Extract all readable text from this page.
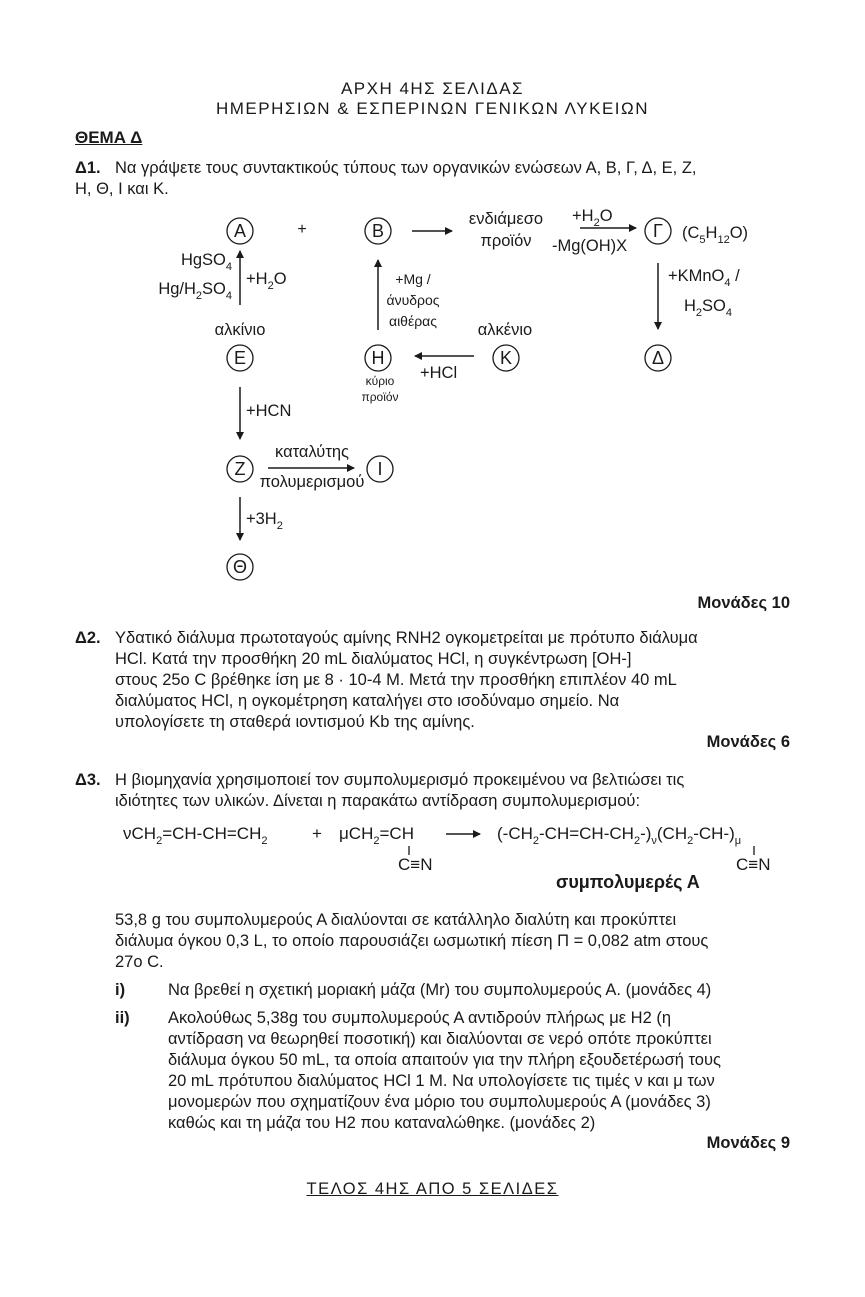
ΑΡΧΗ 4ΗΣ ΣΕΛΙΔΑΣ
ΗΜΕΡΗΣΙΩΝ & ΕΣΠΕΡΙΝΩΝ ΓΕΝΙΚΩΝ ΛΥΚΕΙΩΝ
ΘΕΜΑ Δ
Δ1. Να γράψετε τους συντακτικούς τύπους των οργανικών ενώσεων Α, Β, Γ, Δ, Ε, Ζ,
Η, Θ, Ι και Κ.
Α	+	Β	Γ
Ε	Η	Κ	Δ
Ζ	Ι
Θ
ενδιάμεσο
προϊόν
$+H_2O$
-Mg(OH)X
$(C_5H_{12}O)$
+KMnO$_4$ /
$H_2SO_4$
HgSO$_4$
$Hg/H_2SO_4$
$+H_2O$
αλκίνιο	αλκένιο
+HCl
+HCN
καταλύτης
πολυμερισμού
$+3H_2$
+Mg /
άνυδρος
αιθέρας
κύριο
προϊόν
Μονάδες 10
Δ2. Υδατικό διάλυμα πρωτοταγούς αμίνης RNH2 ογκομετρείται με πρότυπο διάλυμα
HCl. Κατά την προσθήκη 20 mL διαλύματος HCl, η συγκέντρωση [OH-]
στους 25o C βρέθηκε ίση με 8 · 10-4 M. Μετά την προσθήκη επιπλέον 40 mL
διαλύματος HCl, η ογκομέτρηση καταλήγει στο ισοδύναμο σημείο. Να
υπολογίσετε τη σταθερά ιοντισμού Kb της αμίνης.
Μονάδες 6
Δ3. Η βιομηχανία χρησιμοποιεί τον συμπολυμερισμό προκειμένου να βελτιώσει τις
ιδιότητες των υλικών. Δίνεται η παρακάτω αντίδραση συμπολυμερισμού:
$\nu CH_2=CH-CH=CH_2$	+ μCH$_2$=CH
C≡N
$(-CH_2-CH=CH-CH_2-)_\nu(CH_2-CH-)_\mu$
C≡N
συμπολυμερές Α
53,8 g του συμπολυμερούς Α διαλύονται σε κατάλληλο διαλύτη και προκύπτει
διάλυμα όγκου 0,3 L, το οποίο παρουσιάζει ωσμωτική πίεση Π = 0,082 atm στους
27o C.
i)	Να βρεθεί η σχετική μοριακή μάζα (Mr) του συμπολυμερούς Α. (μονάδες 4)
ii) Ακολούθως 5,38g του συμπολυμερούς Α αντιδρούν πλήρως με H2 (η
αντίδραση να θεωρηθεί ποσοτική) και διαλύονται σε νερό οπότε προκύπτει
διάλυμα όγκου 50 mL, τα οποία απαιτούν για την πλήρη εξουδετέρωσή τους
20 mL πρότυπου διαλύματος HCl 1 M. Να υπολογίσετε τις τιμές ν και μ των
μονομερών που σχηματίζουν ένα μόριο του συμπολυμερούς Α (μονάδες 3)
καθώς και τη μάζα του H2 που καταναλώθηκε. (μονάδες 2)
Μονάδες 9
ΤΕΛΟΣ 4ΗΣ ΑΠΟ 5 ΣΕΛΙΔΕΣ
